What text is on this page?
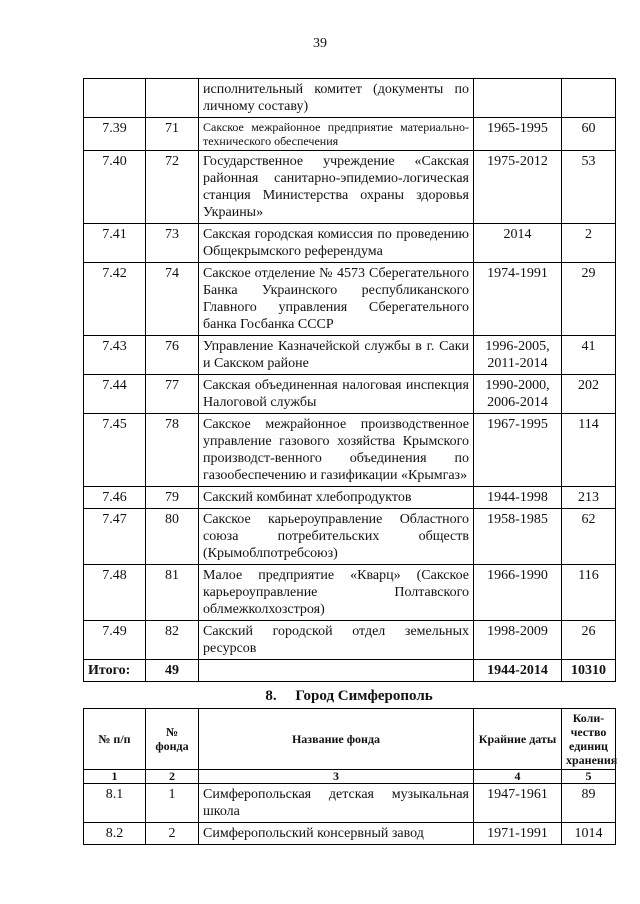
39
		исполнительный комитет (документы по личному составу)		
7.39	71	Сакское межрайонное предприятие материально-технического обеспечения	1965-1995	60
7.40	72	Государственное учреждение «Сакская районная санитарно-эпидемио-логическая станция Министерства охраны здоровья Украины»	1975-2012	53
7.41	73	Сакская городская комиссия по проведению Общекрымского референдума	2014	2
7.42	74	Сакское отделение № 4573 Сберегательного Банка Украинского республиканского Главного управления Сберегательного банка Госбанка СССР	1974-1991	29
7.43	76	Управление Казначейской службы в г. Саки и Сакском районе	1996-2005, 2011-2014	41
7.44	77	Сакская объединенная налоговая инспекция Налоговой службы	1990-2000, 2006-2014	202
7.45	78	Сакское межрайонное производственное управление газового хозяйства Крымского производст-венного объединения по газообеспечению и газификации «Крымгаз»	1967-1995	114
7.46	79	Сакский комбинат хлебопродуктов	1944-1998	213
7.47	80	Сакское карьероуправление Областного союза потребительских обществ (Крымоблпотребсоюз)	1958-1985	62
7.48	81	Малое предприятие «Кварц» (Сакское карьероуправление Полтавского облмежколхозстроя)	1966-1990	116
7.49	82	Сакский городской отдел земельных ресурсов	1998-2009	26
Итого:	49		1944-2014	10310
8. Город Симферополь
№ п/п	№ фонда	Название фонда	Крайние даты	Коли-чество единиц хранения
1	2	3	4	5
8.1	1	Симферопольская детская музыкальная школа	1947-1961	89
8.2	2	Симферопольский консервный завод	1971-1991	1014
